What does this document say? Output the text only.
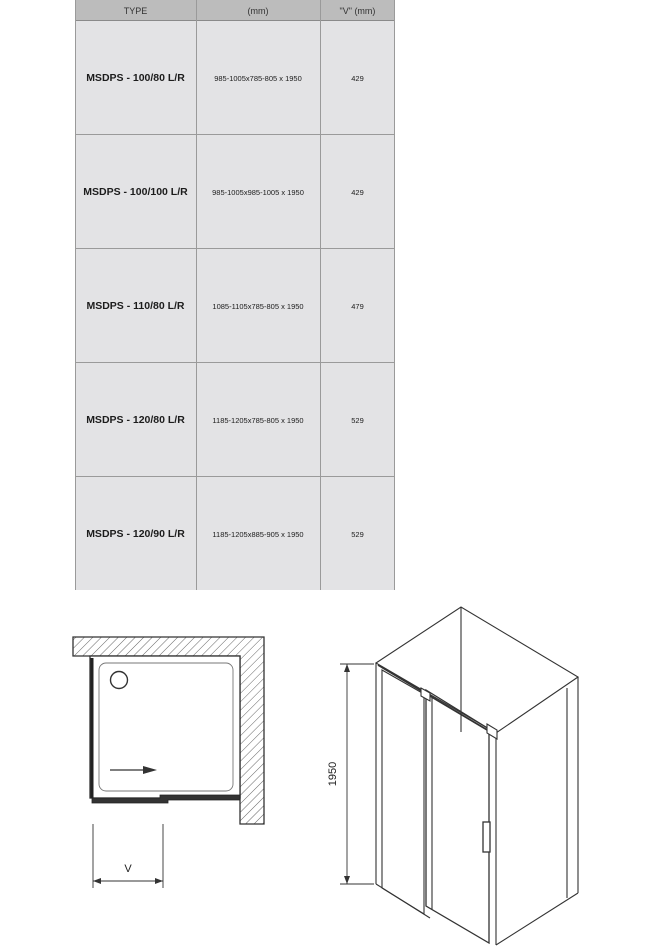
TYPE	(mm)	"V" (mm)
MSDPS - 100/80 L/R	985-1005x785-805 x 1950	429
MSDPS - 100/100 L/R	985-1005x985-1005 x 1950	429
MSDPS - 110/80 L/R	1085-1105x785-805 x 1950	479
MSDPS - 120/80 L/R	1185-1205x785-805 x 1950	529
MSDPS - 120/90 L/R	1185-1205x885-905 x 1950	529
V
1950
